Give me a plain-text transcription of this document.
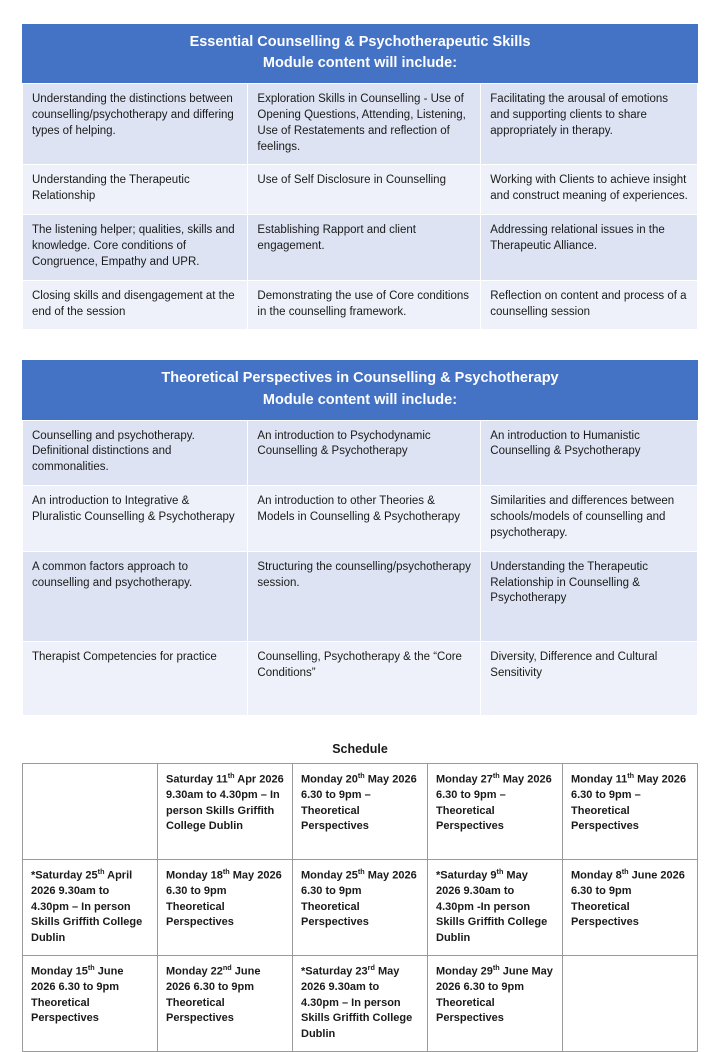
Essential Counselling & Psychotherapeutic Skills
Module content will include:
Understanding the distinctions between counselling/psychotherapy and differing types of helping.	Exploration Skills in Counselling - Use of Opening Questions, Attending, Listening, Use of Restatements and reflection of feelings.	Facilitating the arousal of emotions and supporting clients to share appropriately in therapy.
Understanding the Therapeutic Relationship	Use of Self Disclosure in Counselling	Working with Clients to achieve insight and construct meaning of experiences.
The listening helper; qualities, skills and knowledge. Core conditions of Congruence, Empathy and UPR.	Establishing Rapport and client engagement.	Addressing relational issues in the Therapeutic Alliance.
Closing skills and disengagement at the end of the session	Demonstrating the use of Core conditions in the counselling framework.	Reflection on content and process of a counselling session
Theoretical Perspectives in Counselling & Psychotherapy
Module content will include:
Counselling and psychotherapy. Definitional distinctions and commonalities.	An introduction to Psychodynamic Counselling & Psychotherapy	An introduction to Humanistic Counselling & Psychotherapy
An introduction to Integrative & Pluralistic Counselling & Psychotherapy	An introduction to other Theories & Models in Counselling & Psychotherapy	Similarities and differences between schools/models of counselling and psychotherapy.
A common factors approach to counselling and psychotherapy.	Structuring the counselling/psychotherapy session.	Understanding the Therapeutic Relationship in Counselling & Psychotherapy
Therapist Competencies for practice	Counselling, Psychotherapy & the “Core Conditions”	Diversity, Difference and Cultural Sensitivity
Schedule
	Saturday 11th Apr 2026 9.30am to 4.30pm – In person Skills Griffith College Dublin	Monday 20th May 2026 6.30 to 9pm – Theoretical Perspectives	Monday 27th May 2026 6.30 to 9pm – Theoretical Perspectives	Monday 11th May 2026 6.30 to 9pm – Theoretical Perspectives
*Saturday 25th April 2026 9.30am to 4.30pm – In person Skills Griffith College Dublin	Monday 18th May 2026 6.30 to 9pm Theoretical Perspectives	Monday 25th May 2026 6.30 to 9pm Theoretical Perspectives	*Saturday 9th May 2026 9.30am to 4.30pm -In person Skills Griffith College Dublin	Monday 8th June 2026 6.30 to 9pm Theoretical Perspectives
Monday 15th June 2026 6.30 to 9pm Theoretical Perspectives	Monday 22nd June 2026 6.30 to 9pm Theoretical Perspectives	*Saturday 23rd May 2026 9.30am to 4.30pm – In person Skills Griffith College Dublin	Monday 29th June May 2026 6.30 to 9pm Theoretical Perspectives	
